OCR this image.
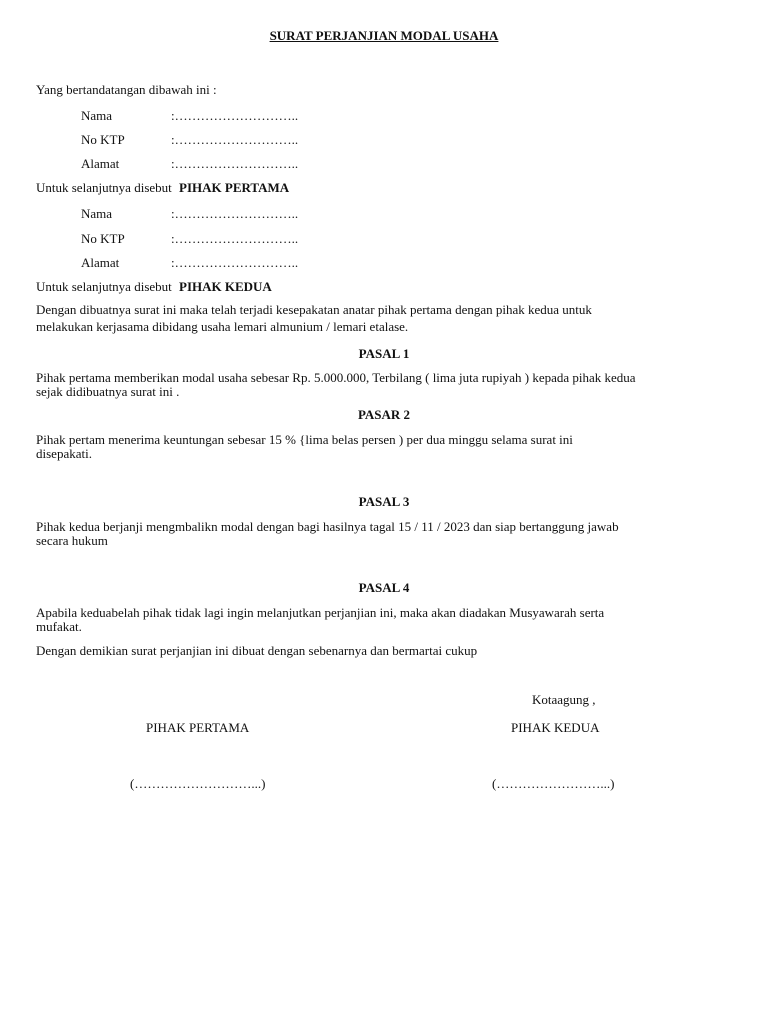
SURAT PERJANJIAN MODAL USAHA
Yang bertandatangan dibawah ini :
Nama	:………………………..
No KTP	:………………………..
Alamat	:………………………..
Untuk selanjutnya disebut PIHAK PERTAMA
Nama	:………………………..
No KTP	:………………………..
Alamat	:………………………..
Untuk selanjutnya disebut PIHAK KEDUA
Dengan dibuatnya surat ini maka telah terjadi kesepakatan anatar pihak pertama dengan pihak kedua untuk
melakukan kerjasama dibidang usaha lemari almunium / lemari etalase.
PASAL 1
Pihak pertama memberikan modal usaha sebesar Rp. 5.000.000, Terbilang ( lima juta rupiyah ) kepada pihak kedua
sejak didibuatnya surat ini .
PASAR 2
Pihak pertam menerima keuntungan sebesar 15 % {lima belas persen ) per dua minggu selama surat ini
disepakati.
PASAL 3
Pihak kedua berjanji mengmbalikn modal dengan bagi hasilnya tagal 15 / 11 / 2023 dan siap bertanggung jawab
secara hukum
PASAL 4
Apabila keduabelah pihak tidak lagi ingin melanjutkan perjanjian ini, maka akan diadakan Musyawarah serta
mufakat.
Dengan demikian surat perjanjian ini dibuat dengan sebenarnya dan bermartai cukup
Kotaagung ,
PIHAK PERTAMA	PIHAK KEDUA
(………………………...)	(……………………...)
